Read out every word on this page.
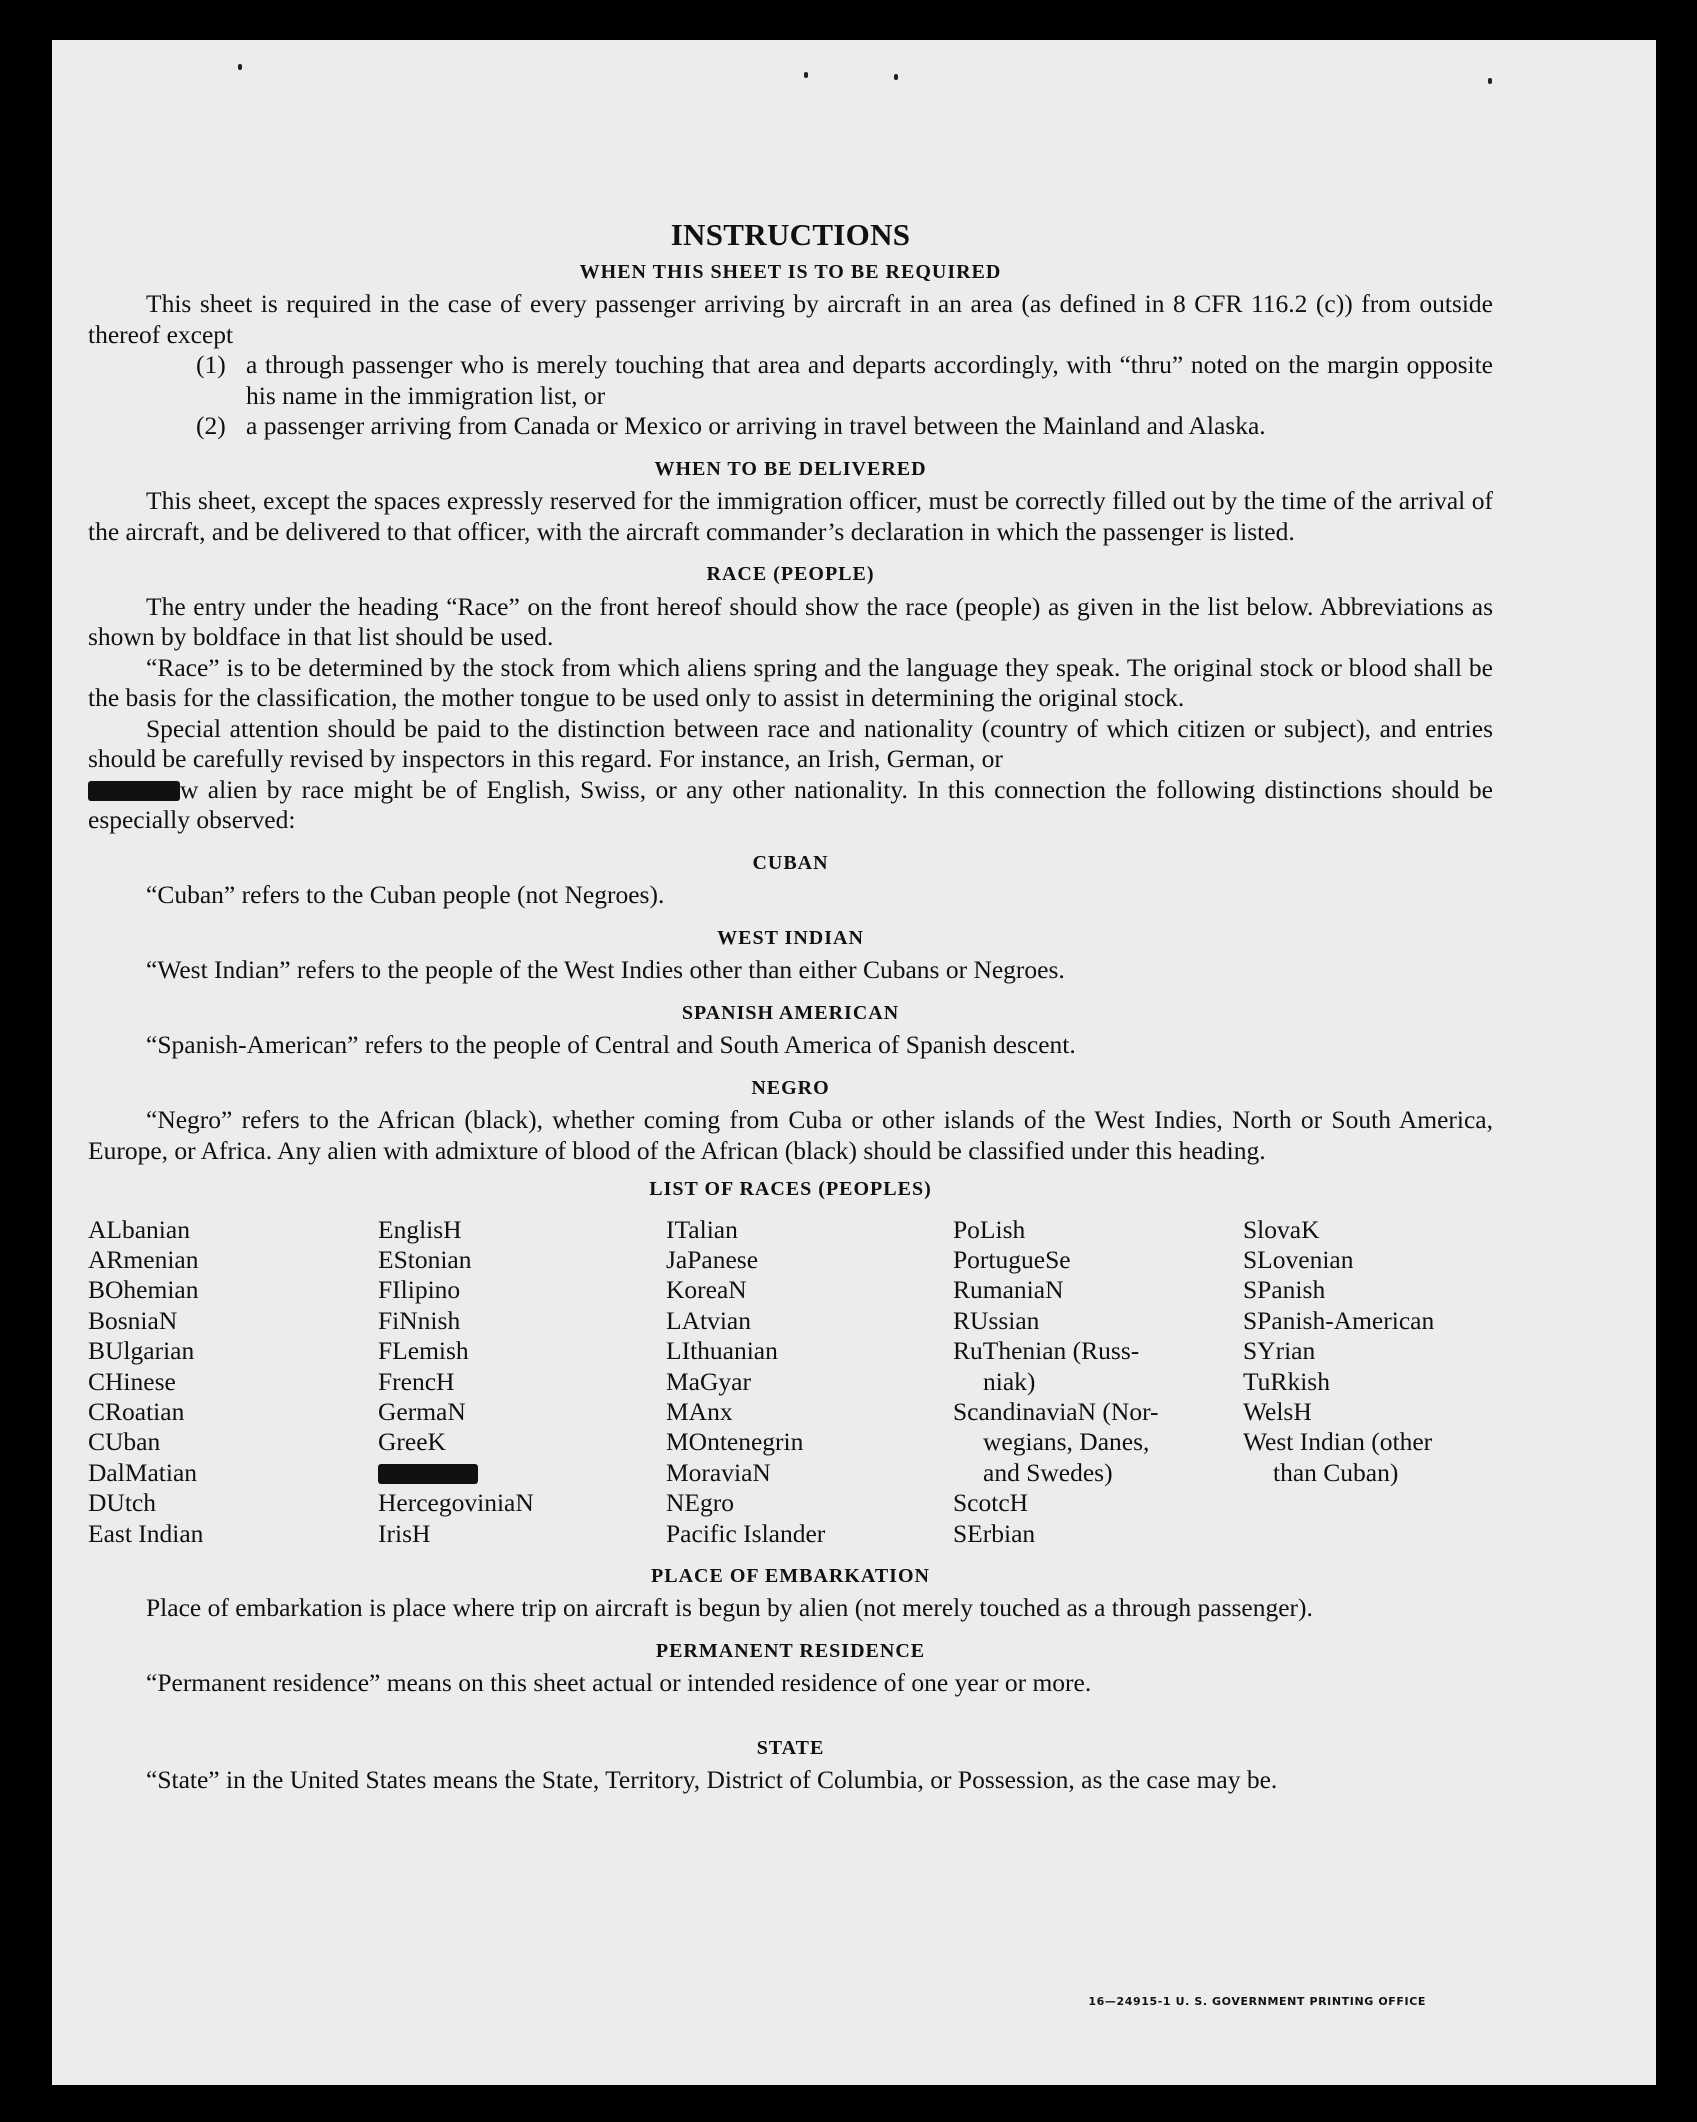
INSTRUCTIONS
WHEN THIS SHEET IS TO BE REQUIRED

This sheet is required in the case of every passenger arriving by aircraft in an area (as defined in 8 CFR 116.2 (c)) from outside thereof except

(1) a through passenger who is merely touching that area and departs accordingly, with “thru” noted on the margin opposite his name in the immigration list, or
(2) a passenger arriving from Canada or Mexico or arriving in travel between the Mainland and Alaska.
WHEN TO BE DELIVERED

This sheet, except the spaces expressly reserved for the immigration officer, must be correctly filled out by the time of the arrival of the aircraft, and be delivered to that officer, with the aircraft commander’s declaration in which the passenger is listed.

RACE (PEOPLE)

The entry under the heading “Race” on the front hereof should show the race (people) as given in the list below. Abbreviations as shown by boldface in that list should be used.

“Race” is to be determined by the stock from which aliens spring and the language they speak. The original stock or blood shall be the basis for the classification, the mother tongue to be used only to assist in determining the original stock.

Special attention should be paid to the distinction between race and nationality (country of which citizen or subject), and entries should be carefully revised by inspectors in this regard. For instance, an Irish, German, or

w alien by race might be of English, Swiss, or any other nationality. In this connection the following distinctions should be especially observed:

CUBAN

“Cuban” refers to the Cuban people (not Negroes).

WEST INDIAN

“West Indian” refers to the people of the West Indies other than either Cubans or Negroes.

SPANISH AMERICAN

“Spanish-American” refers to the people of Central and South America of Spanish descent.

NEGRO

“Negro” refers to the African (black), whether coming from Cuba or other islands of the West Indies, North or South America, Europe, or Africa. Any alien with admixture of blood of the African (black) should be classified under this heading.

LIST OF RACES (PEOPLES)
ALbanian
ARmenian
BOhemian
BosniaN
BUlgarian
CHinese
CRoatian
CUban
DalMatian
DUtch
East Indian
EnglisH
EStonian
FIlipino
FiNnish
FLemish
FrencH
GermaN
GreeK
HercegoviniaN
IrisH
ITalian
JaPanese
KoreaN
LAtvian
LIthuanian
MaGyar
MAnx
MOntenegrin
MoraviaN
NEgro
Pacific Islander
PoLish
PortugueSe
RumaniaN
RUssian
RuThenian (Russ-
niak)
ScandinaviaN (Nor-
wegians, Danes,
and Swedes)
ScotcH
SErbian
SlovaK
SLovenian
SPanish
SPanish-American
SYrian
TuRkish
WelsH
West Indian (other
than Cuban)
PLACE OF EMBARKATION

Place of embarkation is place where trip on aircraft is begun by alien (not merely touched as a through passenger).

PERMANENT RESIDENCE

“Permanent residence” means on this sheet actual or intended residence of one year or more.

STATE

“State” in the United States means the State, Territory, District of Columbia, or Possession, as the case may be.

16—24915-1 U. S. GOVERNMENT PRINTING OFFICE
